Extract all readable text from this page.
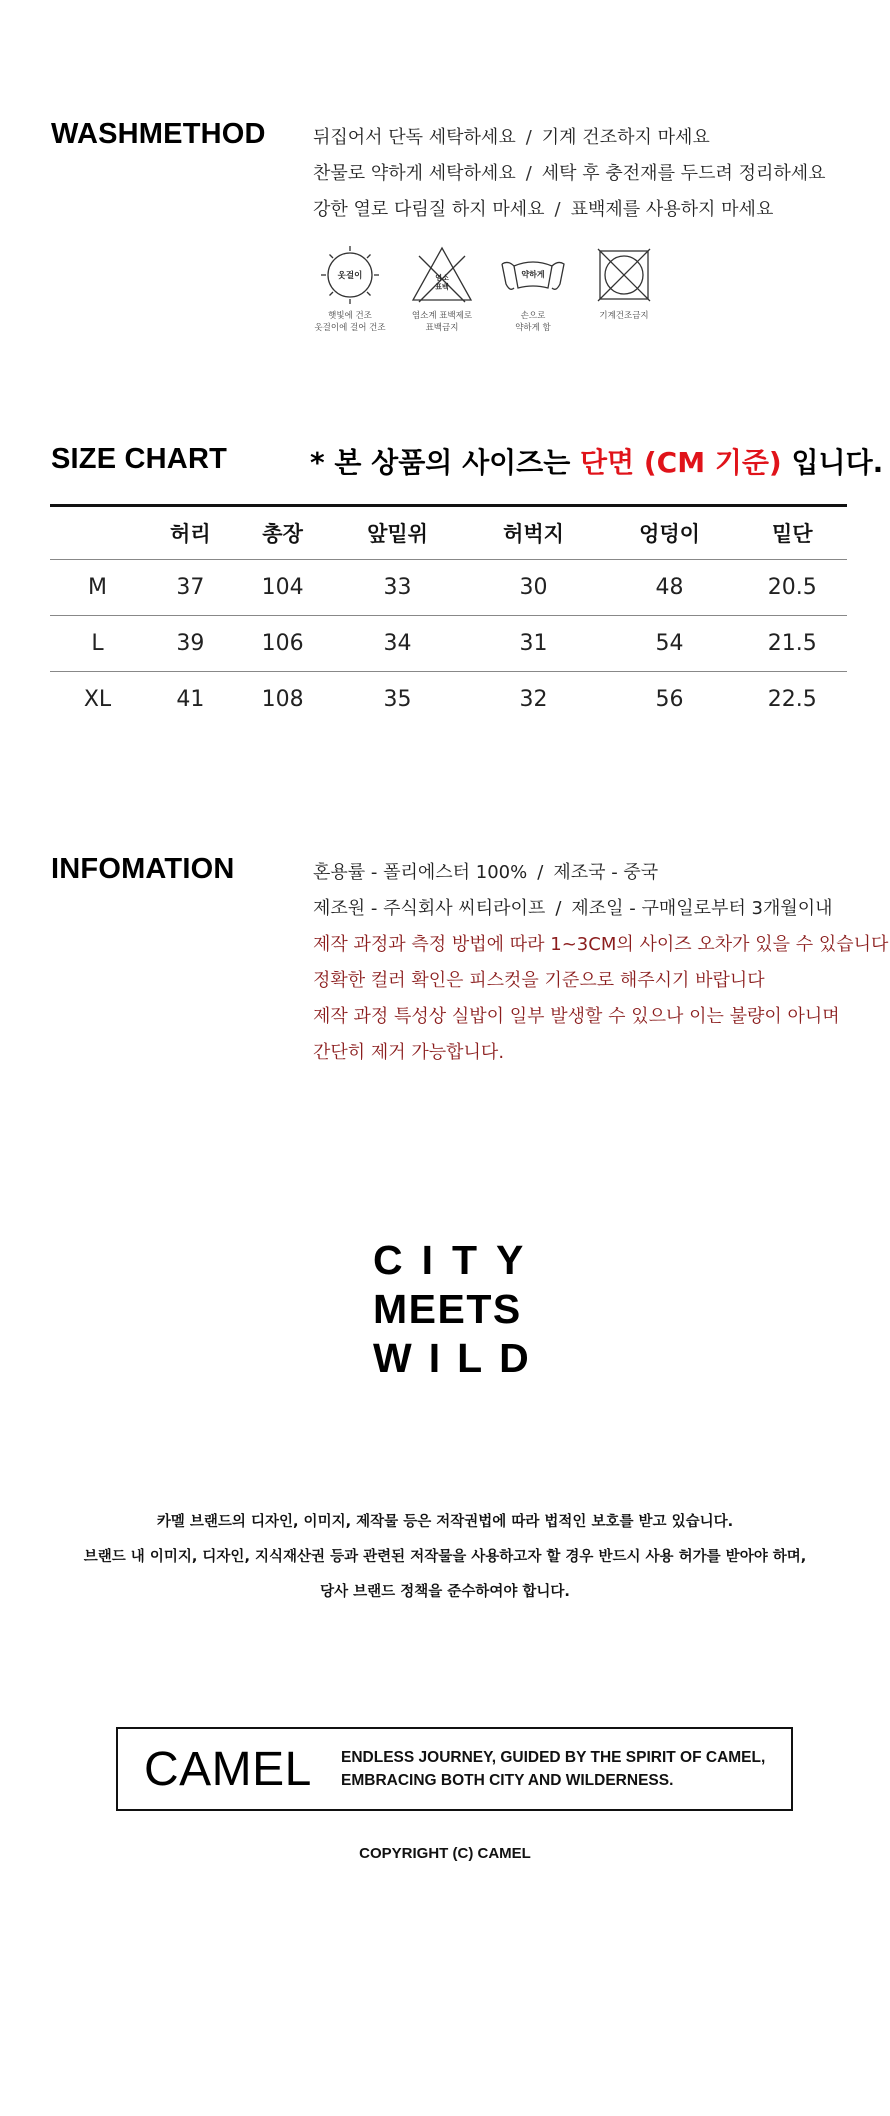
WASHMETHOD	뒤집어서 단독 세탁하세요 / 기계 건조하지 마세요
찬물로 약하게 세탁하세요 / 세탁 후 충전재를 두드려 정리하세요
강한 열로 다림질 하지 마세요 / 표백제를 사용하지 마세요
옷걸이
햇빛에 건조
옷걸이에 걸어 건조
염소
표백
염소계 표백제로
표백금지
약하게
손으로
약하게 함
기계건조금지
SIZE CHART	* 본 상품의 사이즈는 단면 (CM 기준) 입니다.
	허리	총장	앞밑위	허벅지	엉덩이	밑단
M	37	104	33	30	48	20.5
L	39	106	34	31	54	21.5
XL	41	108	35	32	56	22.5
INFOMATION	혼용률 - 폴리에스터 100% / 제조국 - 중국
제조원 - 주식회사 씨티라이프 / 제조일 - 구매일로부터 3개월이내
제작 과정과 측정 방법에 따라 1~3CM의 사이즈 오차가 있을 수 있습니다
정확한 컬러 확인은 피스컷을 기준으로 해주시기 바랍니다
제작 과정 특성상 실밥이 일부 발생할 수 있으나 이는 불량이 아니며
간단히 제거 가능합니다.
CITY
MEETS
WILD
카멜 브랜드의 디자인, 이미지, 제작물 등은 저작권법에 따라 법적인 보호를 받고 있습니다.
브랜드 내 이미지, 디자인, 지식재산권 등과 관련된 저작물을 사용하고자 할 경우 반드시 사용 허가를 받아야 하며,
당사 브랜드 정책을 준수하여야 합니다.
CAMEL ENDLESS JOURNEY, GUIDED BY THE SPIRIT OF CAMEL,
EMBRACING BOTH CITY AND WILDERNESS.
COPYRIGHT (C) CAMEL
